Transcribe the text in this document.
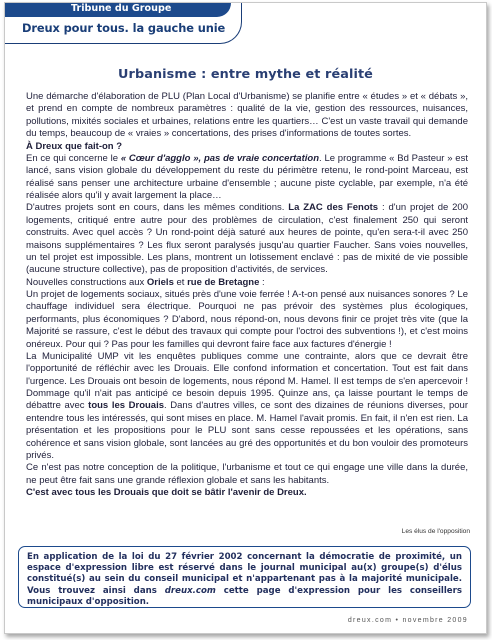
Tribune du Groupe
Dreux pour tous. la gauche unie
Urbanisme : entre mythe et réalité

Une démarche d'élaboration de PLU (Plan Local d'Urbanisme) se planifie entre « études » et « débats », et prend en compte de nombreux paramètres : qualité de la vie, gestion des ressources, nuisances, pollutions, mixités sociales et urbaines, relations entre les quartiers… C'est un vaste travail qui demande du temps, beaucoup de « vraies » concertations, des prises d'informations de toutes sortes.

À Dreux que fait-on ?

En ce qui concerne le « Cœur d'agglo », pas de vraie concertation. Le programme « Bd Pasteur » est lancé, sans vision globale du développement du reste du périmètre retenu, le rond-point Marceau, est réalisé sans penser une architecture urbaine d'ensemble ; aucune piste cyclable, par exemple, n'a été réalisée alors qu'il y avait largement la place…

D'autres projets sont en cours, dans les mêmes conditions. La ZAC des Fenots : d'un projet de 200 logements, critiqué entre autre pour des problèmes de circulation, c'est finalement 250 qui seront construits. Avec quel accès ? Un rond-point déjà saturé aux heures de pointe, qu'en sera-t-il avec 250 maisons supplémentaires ? Les flux seront paralysés jusqu'au quartier Faucher. Sans voies nouvelles, un tel projet est impossible. Les plans, montrent un lotissement enclavé : pas de mixité de vie possible (aucune structure collective), pas de proposition d'activités, de services.

Nouvelles constructions aux Oriels et rue de Bretagne :

Un projet de logements sociaux, situés près d'une voie ferrée ! A-t-on pensé aux nuisances sonores ? Le chauffage individuel sera électrique. Pourquoi ne pas prévoir des systèmes plus écologiques, performants, plus économiques ? D'abord, nous répond-on, nous devons finir ce projet très vite (que la Majorité se rassure, c'est le début des travaux qui compte pour l'octroi des subventions !), et c'est moins onéreux. Pour qui ? Pas pour les familles qui devront faire face aux factures d'énergie !

La Municipalité UMP vit les enquêtes publiques comme une contrainte, alors que ce devrait être l'opportunité de réfléchir avec les Drouais. Elle confond information et concertation. Tout est fait dans l'urgence. Les Drouais ont besoin de logements, nous répond M. Hamel. Il est temps de s'en apercevoir ! Dommage qu'il n'ait pas anticipé ce besoin depuis 1995. Quinze ans, ça laisse pourtant le temps de débattre avec tous les Drouais. Dans d'autres villes, ce sont des dizaines de réunions diverses, pour entendre tous les intéressés, qui sont mises en place. M. Hamel l'avait promis. En fait, il n'en est rien. La présentation et les propositions pour le PLU sont sans cesse repoussées et les opérations, sans cohérence et sans vision globale, sont lancées au gré des opportunités et du bon vouloir des promoteurs privés.

Ce n'est pas notre conception de la politique, l'urbanisme et tout ce qui engage une ville dans la durée, ne peut être fait sans une grande réflexion globale et sans les habitants.

C'est avec tous les Drouais que doit se bâtir l'avenir de Dreux.

Les élus de l'opposition
En application de la loi du 27 février 2002 concernant la démocratie de proximité, un espace d'expression libre est réservé dans le journal municipal au(x) groupe(s) d'élus constitué(s) au sein du conseil municipal et n'appartenant pas à la majorité municipale. Vous trouvez ainsi dans dreux.com cette page d'expression pour les conseillers municipaux d'opposition.
dreux.com • novembre 2009
